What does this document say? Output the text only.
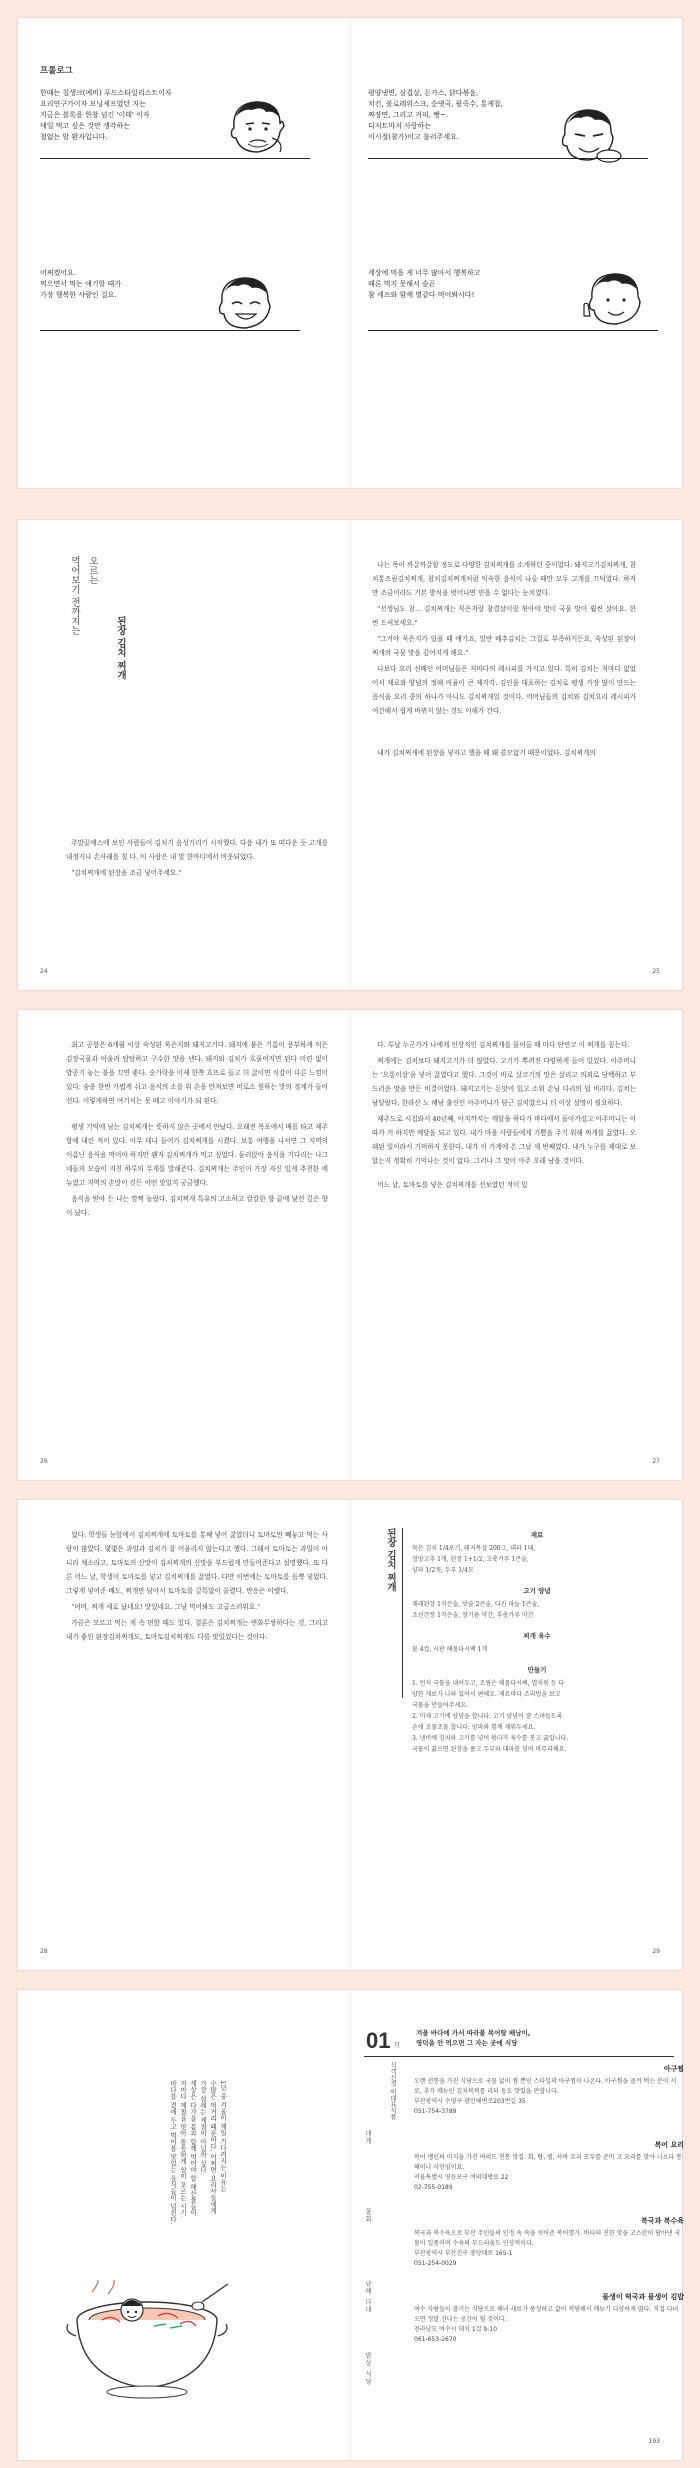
프롤로그
한때는 칠생크(예비) 푸드스타일리스트이자
요리연구가이자 모닝셰프였던 지는
지금은 볼록을 한창 넘긴 '이태' 이자
매일 먹고 싶은 것만 생각하는
철없는 암 환자입니다.
평양냉면, 삼겹살, 돈가스, 닭다볶음,
치킨, 볼로레위스크, 순댓국, 팥죽수, 통케찹,
짜장면, 그리고 커피, 빵~.
디저트마저 사랑하는
이시절(참가)이고 불러주세요.
어쩌겠어요.
먹으면서 먹는 얘기할 때가
가장 행복한 사람인 걸요.
세상에 먹을 게 너무 많아서 행복하고
때론 먹지 못해서 슬픈
참 세프와 함께 별같다 먹어봐시다!
오르는
먹어보기 전까지는
된장 김치 찌개

주말끝에스에 보인 사람들이 김치기 음성거리기 시작했다. 다음 내가 또 떠다운 듯 고개를 내정거나 손사래를 칠 다. 이 사람은 내 말 한마디에서 비웃되었다.

"김치찌개에 된장을 조금 넣어주세요."

나는 목이 까끌까끌할 정도로 다양한 김치찌개를 소개하던 중이었다. 돼지고기김치찌개, 참치통조림김치찌개, 참치김치찌개처럼 익숙한 음식이 나올 때만 모두 고개를 끄덕였다. 하지만 조금이라도 기본 방식을 벗어나면 믿을 수 없다는 눈치였다.

"선생님도 참... 김치찌개는 묵은지랑 참겹살이랑 볶아야 맛이 국물 맛이 훨씬 살아요. 한 번 드셔보세요."

"그거야 묵은지가 있을 때 얘기죠, 일반 배추김치는 그걸로 부족하거든요, 숙성된 된장이 찌개의 국물 맛을 깊어지게 해요."

나보다 요리 선배인 어머님들은 저마다의 레시피를 가지고 있다. 특히 김치는 저마다 없었어서 재료와 양념의 정해 비율이 큰 제각각. 김인을 대표하는 김치로 평생 가장 많이 만드는 음식을 요리 중의 하나가 아니도 김치찌개일 것이다. 어머님들의 김치와 김치요리 레시피가 여간해서 쉽게 바뀌지 않는 것도 이해가 간다.

내가 김치찌개에 된장을 넣자고 했을 때 왜 쓸모없기 때문이었다. 김치찌개의

24	25

최고 공항은 6개월 이상 숙성된 묵은지와 돼지고기다. 돼지에 붙은 기름이 풍부하게 익은 김장국물과 어울려 탐탐하고 구수한 맛을 낸다. 돼지와 김치가 흐물어지면 된다 미련 없이 밥공기 놓는 불을 끄면 좋다. 숟가락을 이제 한쪽 흐뜨로 들고 더 끓이면 식감이 다른 느낌이 있다. 숨을 한번 가볍게 쉬고 음식의 소를 위 손을 만져보면 비로소 원하는 맛의 경계가 들어선다. 이렇게하면 여기서는 못 떼고 이야기가 되 된다.

평생 기억에 남는 김치찌개는 뜻하지 않은 곳에서 만났다. 오래전 목포에서 배를 타고 제주항에 내린 적이 있다. 아무 데나 들어가 김치찌개를 시켰다. 보통 여행을 나서면 그 지역의 이름난 음식을 먹어야 하지만 왠지 김치찌개가 먹고 싶었다. 둘러앉아 음식을 기다리는 나그네들의 모습이 지친 하루의 무게를 말해준다. 김치찌개는 주인이 가장 자신 있게 추천한 메뉴였고 지역의 손맛이 깃든 어떤 맛일지 궁금했다.

음식을 받아 든 나는 깜짝 놀랐다. 김치찌개 특유의 고소하고 칼칼한 향 끝에 낯선 깊은 향이 났다.

다. 투날 누군가가 나에게 인상적인 김치찌개를 물어올 때 마다 단연코 이 찌개를 꼽는다.

찌개에는 김치보다 돼지고기가 더 많았다. 고기가 뿌려진 다양하게 들어 있었다. 이주머니는 '오통이살'을 넣어 끓였다고 했다. 그것이 바로 살코기의 맛은 살리고 의외로 담백하고 부드러운 맛을 만든 비결이었다. 돼지고기는 돈맛이 있고 소위 손님 다리의 덜 비리다. 김치는 남달랐다. 한라산 노 해남 출신인 아주머니가 담근 김치였으니 더 이상 설명이 필요하다.

제주도로 시집와서 40년째, 아직까지는 깨달을 하다가 바다에서 돌아가셨고 아주머니는 이따가 거 하지만 깨달을 되고 있다. 내가 마을 사람들에게 기쁨을 주기 위해 찌개를 끓였다. 오래된 일이라서 기억하지 못한다. 내가 이 가게에 온 그날 세 번째였다. 내가 누구를 제대로 보았는지 정확히 기억나는 것이 없다. 그러나 그 맛이 아주 오래 남을 것이다.

어느 날, 토마토를 넣은 김치찌개를 선보였던 적이 있

26	27

었다. 학생들 눈앞에서 김치찌개에 토마토를 통째 넣어 끓였더니 토마토만 빼놓고 먹는 사람이 많았다. 몇몇은 과일과 김치가 잘 어울리지 않는다고 했다. 그래서 토마토는 과일이 아니라 채소라고, 토마토의 산맛이 김치찌개의 신맛을 부드럽게 만들어준다고 설명했다. 또 다른 어느 날, 학생이 토마토를 넣고 김치찌개를 끓였다. 다만 이번에는 토마토를 듬뿍 넣었다. 그렇게 넣어준 배도, 찌개만 담아서 토마토를 갈특없이 올렸다. 반응은 이랬다.

"어머, 찌개 새로 났네요! 맛있네요. 그냥 먹어봐도 고급스러워요."

가끔은 모르고 먹는 게 속 편할 때도 있다. 결론은 김치찌개는 변화무쌍하다는 것, 그리고 내가 좋인 된장김치찌개도, 토마토김치찌개도 다를 맛있었다는 것이다.

된장 김치 찌개	재료

묵은 김치 1/4포기, 돼지목살 200그, 대파 1대,

청양고추 1개, 된장 1+1/2, 고춧가루 1큰술,

양파 1/2개, 두부 1/4모

고기 양념

재래된장 1작은술, 맛술 2큰술, 다진 마늘 1큰술,

조선간장 1작은술, 참기름 약간, 후춧가루 약간

찌개 육수

물 4컵, 시판 해물다시팩 1개

만들기

1. 먼저 국물을 내어두고, 조림은 해물다시팩, 멸치볶 등 다

양한 재료가 나와 있어서 편해요. 재료마다 조리법을 보고

국물을 만들어주세요.

2. 미세 고기에 양념을 합니다. 고기 양념이 잘 스며들도록

손에 조물조물 합니다. 양파와 함께 재워두세요.

3. 냄비에 김치와 고기를 넣어 볶다가 육수를 붓고 끓입니다.

국물이 끓으면 된장을 풀고 두부와 대파를 넣어 마무리해요.

28	29
1년 중 겨울이 제일 기다려지는 이유는
수많은 먹거리 때문이다. 어쩌면 요리사들에게
가장 설레는 계절이 아닐까 싶다.
세상은 다가올 봄과 함께 먹어야 할 해산물들이
저마다 제철을 맞아 통통하게 살이 오르는 시기.
바다를 곁에 두고 먹어볼 맛있는 음식들이 넘친다.
01 月
겨울 바다에 가서 따라볼 복어탕 배낭이,
영덕을 안 먹으면 그 자는 곳에 식당
식객신경 의대표식품
대게
물회
남해 다대
밤상 식당
아구찜

오랜 전통을 가진 식당으로 국물 없이 찜 뿐인 스타일의 아구찜이 나온다. 아구찜을 즐겨 먹는 분이 서로, 추가 메뉴인 김치복찌를 리터 동도 맛있을 만합니다.

부산광역시 수영구 광안해변로203번길 35

051-754-3789

복어 요리

복어 맹인의 미식을 가진 여의도 전통 맛집. 회, 탕, 찜, 사바 요리 모두를 준비 고 요리를 맞아 나오다 통해이나 사민임이요.

서울특별시 영등포구 여의대방로 22

02-755-0189

복국과 복수육

복국과 복수육으로 부산 주민들의 인정 속 속을 씻어준 복어명가. 바다의 진한 맛을 고스란히 담아낸 국물이 일품이며 수육의 부드러움도 인상적이다.

부산광역시 부산진구 중앙대로 165-1

051-254-0029

물생이 떡국과 물생이 김밥

여수 사람들이 즐기는 식당으로 해녀 새료가 풍성하고 값이 적당해서 메뉴가 다양하게 많다. 직접 다녀오면 정말 신나는 공간이 될 것이다.

전라남도 여수시 대치 1길 9-10

061-653-2670

193
